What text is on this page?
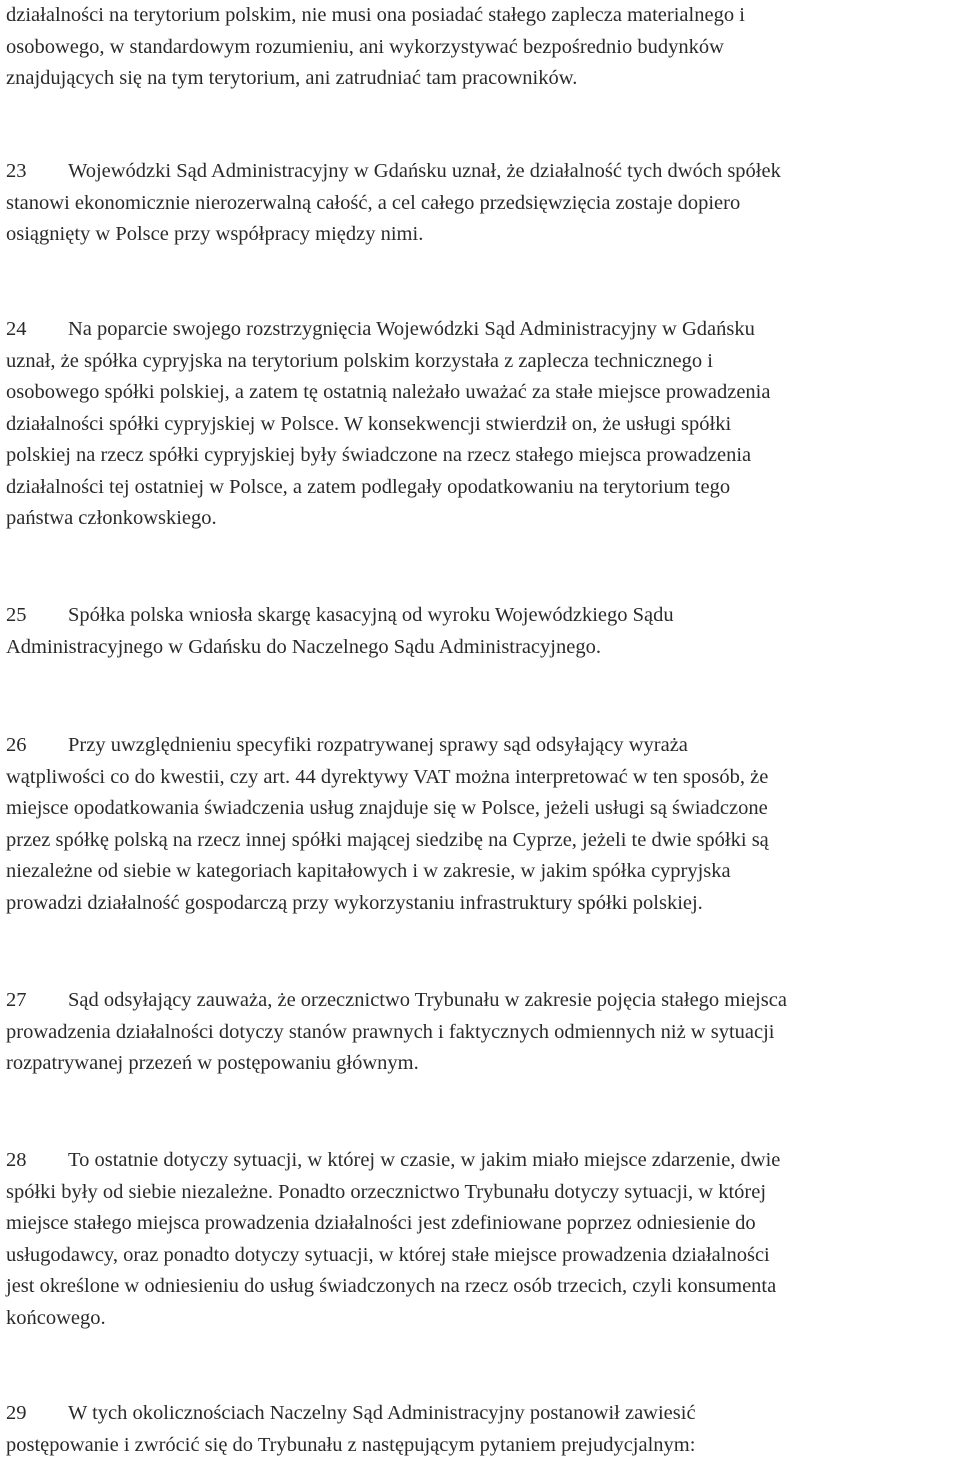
działalności na terytorium polskim, nie musi ona posiadać stałego zaplecza materialnego i
osobowego, w standardowym rozumieniu, ani wykorzystywać bezpośrednio budynków
znajdujących się na tym terytorium, ani zatrudniać tam pracowników.
23 Wojewódzki Sąd Administracyjny w Gdańsku uznał, że działalność tych dwóch spółek
stanowi ekonomicznie nierozerwalną całość, a cel całego przedsięwzięcia zostaje dopiero
osiągnięty w Polsce przy współpracy między nimi.
24 Na poparcie swojego rozstrzygnięcia Wojewódzki Sąd Administracyjny w Gdańsku
uznał, że spółka cypryjska na terytorium polskim korzystała z zaplecza technicznego i
osobowego spółki polskiej, a zatem tę ostatnią należało uważać za stałe miejsce prowadzenia
działalności spółki cypryjskiej w Polsce. W konsekwencji stwierdził on, że usługi spółki
polskiej na rzecz spółki cypryjskiej były świadczone na rzecz stałego miejsca prowadzenia
działalności tej ostatniej w Polsce, a zatem podlegały opodatkowaniu na terytorium tego
państwa członkowskiego.
25 Spółka polska wniosła skargę kasacyjną od wyroku Wojewódzkiego Sądu
Administracyjnego w Gdańsku do Naczelnego Sądu Administracyjnego.
26 Przy uwzględnieniu specyfiki rozpatrywanej sprawy sąd odsyłający wyraża
wątpliwości co do kwestii, czy art. 44 dyrektywy VAT można interpretować w ten sposób, że
miejsce opodatkowania świadczenia usług znajduje się w Polsce, jeżeli usługi są świadczone
przez spółkę polską na rzecz innej spółki mającej siedzibę na Cyprze, jeżeli te dwie spółki są
niezależne od siebie w kategoriach kapitałowych i w zakresie, w jakim spółka cypryjska
prowadzi działalność gospodarczą przy wykorzystaniu infrastruktury spółki polskiej.
27 Sąd odsyłający zauważa, że orzecznictwo Trybunału w zakresie pojęcia stałego miejsca
prowadzenia działalności dotyczy stanów prawnych i faktycznych odmiennych niż w sytuacji
rozpatrywanej przezeń w postępowaniu głównym.
28 To ostatnie dotyczy sytuacji, w której w czasie, w jakim miało miejsce zdarzenie, dwie
spółki były od siebie niezależne. Ponadto orzecznictwo Trybunału dotyczy sytuacji, w której
miejsce stałego miejsca prowadzenia działalności jest zdefiniowane poprzez odniesienie do
usługodawcy, oraz ponadto dotyczy sytuacji, w której stałe miejsce prowadzenia działalności
jest określone w odniesieniu do usług świadczonych na rzecz osób trzecich, czyli konsumenta
końcowego.
29 W tych okolicznościach Naczelny Sąd Administracyjny postanowił zawiesić
postępowanie i zwrócić się do Trybunału z następującym pytaniem prejudycjalnym:
